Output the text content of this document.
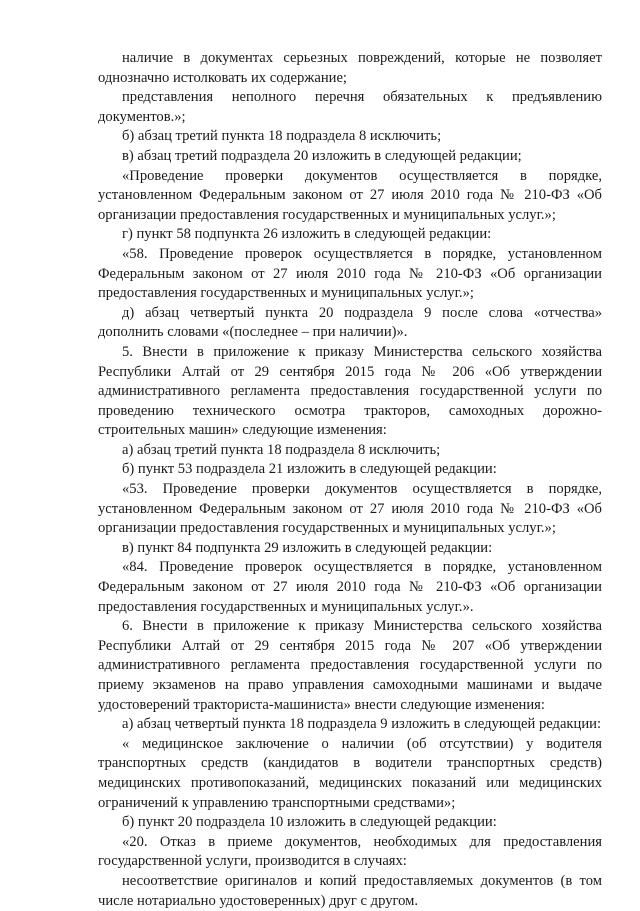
наличие в документах серьезных повреждений, которые не позволяет однозначно истолковать их содержание;

представления неполного перечня обязательных к предъявлению документов.»;

б) абзац третий пункта 18 подраздела 8 исключить;

в) абзац третий подраздела 20 изложить в следующей редакции;

«Проведение проверки документов осуществляется в порядке, установленном Федеральным законом от 27 июля 2010 года № 210-ФЗ «Об организации предоставления государственных и муниципальных услуг.»;

г) пункт 58 подпункта 26 изложить в следующей редакции:

«58. Проведение проверок осуществляется в порядке, установленном Федеральным законом от 27 июля 2010 года № 210-ФЗ «Об организации предоставления государственных и муниципальных услуг.»;

д) абзац четвертый пункта 20 подраздела 9 после слова «отчества» дополнить словами «(последнее – при наличии)».

5. Внести в приложение к приказу Министерства сельского хозяйства Республики Алтай от 29 сентября 2015 года № 206 «Об утверждении административного регламента предоставления государственной услуги по проведению технического осмотра тракторов, самоходных дорожно-строительных машин» следующие изменения:

а) абзац третий пункта 18 подраздела 8 исключить;

б) пункт 53 подраздела 21 изложить в следующей редакции:

«53. Проведение проверки документов осуществляется в порядке, установленном Федеральным законом от 27 июля 2010 года № 210-ФЗ «Об организации предоставления государственных и муниципальных услуг.»;

в) пункт 84 подпункта 29 изложить в следующей редакции:

«84. Проведение проверок осуществляется в порядке, установленном Федеральным законом от 27 июля 2010 года № 210-ФЗ «Об организации предоставления государственных и муниципальных услуг.».

6. Внести в приложение к приказу Министерства сельского хозяйства Республики Алтай от 29 сентября 2015 года № 207 «Об утверждении административного регламента предоставления государственной услуги по приему экзаменов на право управления самоходными машинами и выдаче удостоверений тракториста-машиниста» внести следующие изменения:

а) абзац четвертый пункта 18 подраздела 9 изложить в следующей редакции:

« медицинское заключение о наличии (об отсутствии) у водителя транспортных средств (кандидатов в водители транспортных средств) медицинских противопоказаний, медицинских показаний или медицинских ограничений к управлению транспортными средствами»;

б) пункт 20 подраздела 10 изложить в следующей редакции:

«20. Отказ в приеме документов, необходимых для предоставления государственной услуги, производится в случаях:

несоответствие оригиналов и копий предоставляемых документов (в том числе нотариально удостоверенных) друг с другом.
